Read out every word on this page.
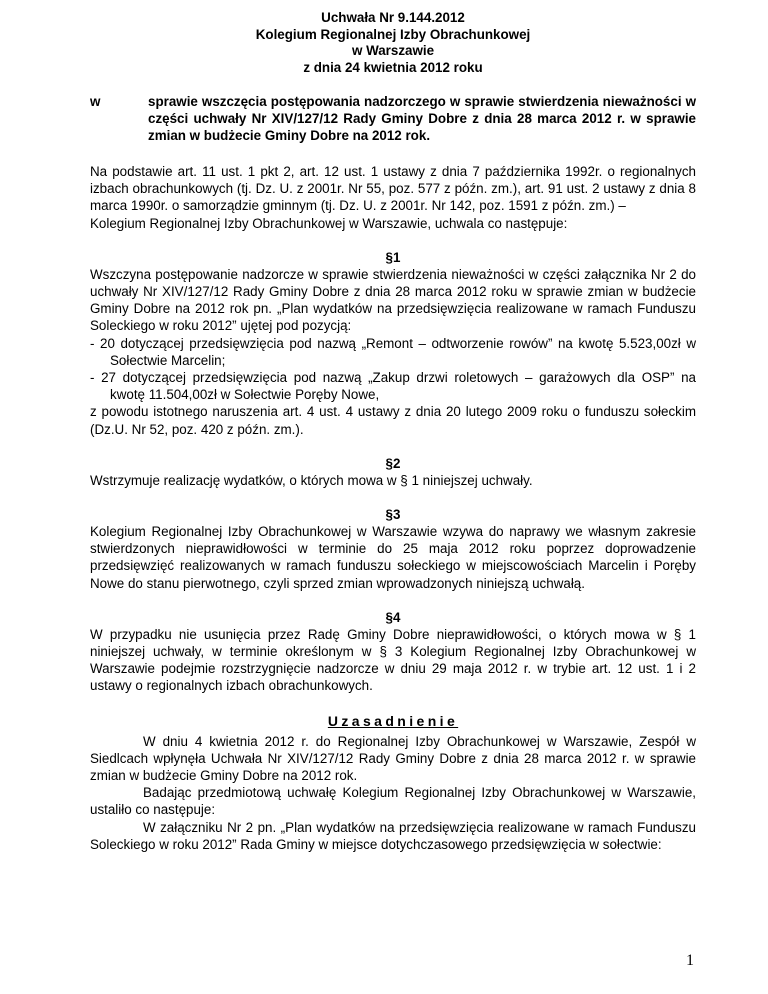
Uchwała Nr 9.144.2012
Kolegium Regionalnej Izby Obrachunkowej
w Warszawie
z dnia 24 kwietnia 2012 roku
w	sprawie wszczęcia postępowania nadzorczego w sprawie stwierdzenia nieważności w części uchwały Nr XIV/127/12 Rady Gminy Dobre z dnia 28 marca 2012 r. w sprawie zmian w budżecie Gminy Dobre na 2012 rok.

Na podstawie art. 11 ust. 1 pkt 2, art. 12 ust. 1 ustawy z dnia 7 października 1992r. o regionalnych izbach obrachunkowych (tj. Dz. U. z 2001r. Nr 55, poz. 577 z późn. zm.), art. 91 ust. 2 ustawy z dnia 8 marca 1990r. o samorządzie gminnym (tj. Dz. U. z 2001r. Nr 142, poz. 1591 z późn. zm.) –

Kolegium Regionalnej Izby Obrachunkowej w Warszawie, uchwala co następuje:

§1

Wszczyna postępowanie nadzorcze w sprawie stwierdzenia nieważności w części załącznika Nr 2 do uchwały Nr XIV/127/12 Rady Gminy Dobre z dnia 28 marca 2012 roku w sprawie zmian w budżecie Gminy Dobre na 2012 rok pn. „Plan wydatków na przedsięwzięcia realizowane w ramach Funduszu Soleckiego w roku 2012” ujętej pod pozycją:

- 20 dotyczącej przedsięwzięcia pod nazwą „Remont – odtworzenie rowów” na kwotę 5.523,00zł w Sołectwie Marcelin;

- 27 dotyczącej przedsięwzięcia pod nazwą „Zakup drzwi roletowych – garażowych dla OSP” na kwotę 11.504,00zł w Sołectwie Poręby Nowe,

z powodu istotnego naruszenia art. 4 ust. 4 ustawy z dnia 20 lutego 2009 roku o funduszu sołeckim (Dz.U. Nr 52, poz. 420 z późn. zm.).

§2

Wstrzymuje realizację wydatków, o których mowa w § 1 niniejszej uchwały.

§3

Kolegium Regionalnej Izby Obrachunkowej w Warszawie wzywa do naprawy we własnym zakresie stwierdzonych nieprawidłowości w terminie do 25 maja 2012 roku poprzez doprowadzenie przedsięwzięć realizowanych w ramach funduszu sołeckiego w miejscowościach Marcelin i Poręby Nowe do stanu pierwotnego, czyli sprzed zmian wprowadzonych niniejszą uchwałą.

§4

W przypadku nie usunięcia przez Radę Gminy Dobre nieprawidłowości, o których mowa w § 1 niniejszej uchwały, w terminie określonym w § 3 Kolegium Regionalnej Izby Obrachunkowej w Warszawie podejmie rozstrzygnięcie nadzorcze w dniu 29 maja 2012 r. w trybie art. 12 ust. 1 i 2 ustawy o regionalnych izbach obrachunkowych.

Uzasadnienie

W dniu 4 kwietnia 2012 r. do Regionalnej Izby Obrachunkowej w Warszawie, Zespół w Siedlcach wpłynęła Uchwała Nr XIV/127/12 Rady Gminy Dobre z dnia 28 marca 2012 r. w sprawie zmian w budżecie Gminy Dobre na 2012 rok.

Badając przedmiotową uchwałę Kolegium Regionalnej Izby Obrachunkowej w Warszawie, ustaliło co następuje:

W załączniku Nr 2 pn. „Plan wydatków na przedsięwzięcia realizowane w ramach Funduszu Soleckiego w roku 2012” Rada Gminy w miejsce dotychczasowego przedsięwzięcia w sołectwie:

1
